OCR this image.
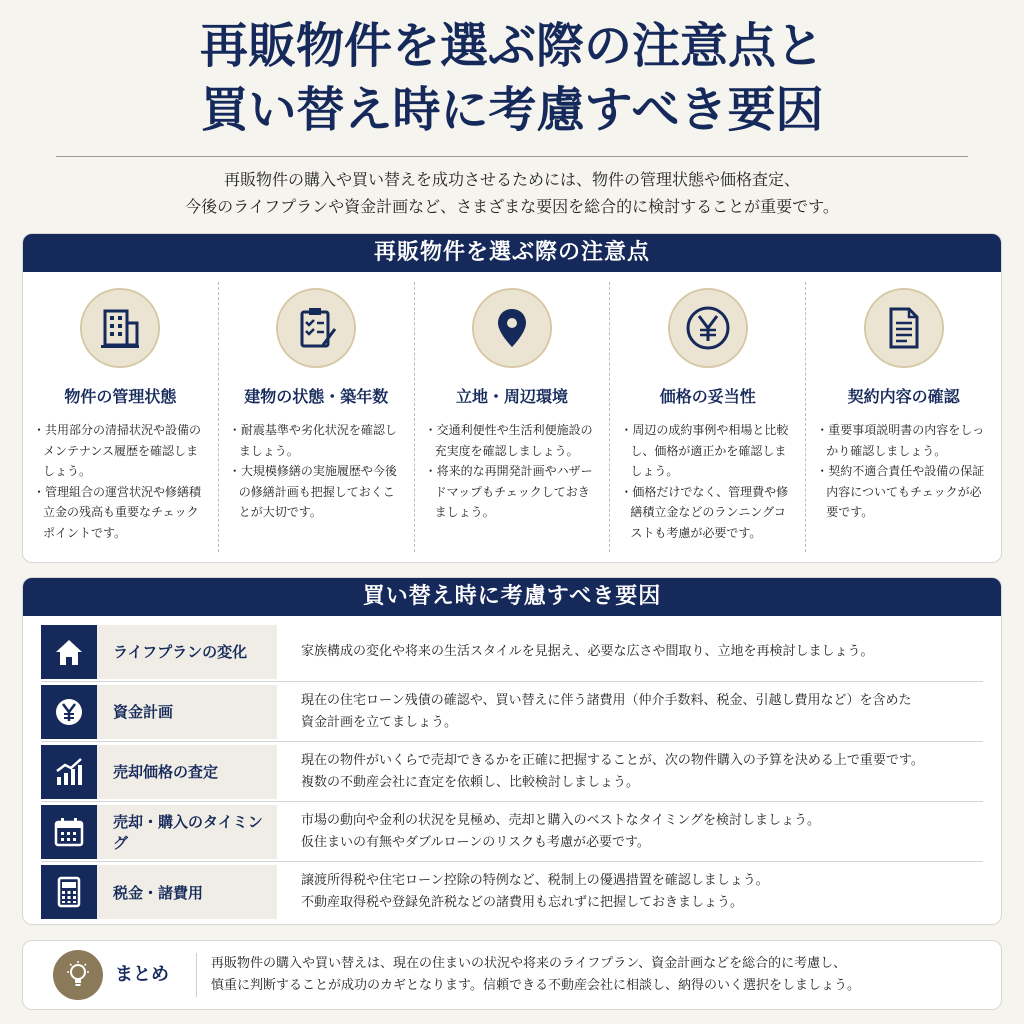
再販物件を選ぶ際の注意点と
買い替え時に考慮すべき要因
再販物件の購入や買い替えを成功させるためには、物件の管理状態や価格査定、
今後のライフプランや資金計画など、さまざまな要因を総合的に検討することが重要です。
再販物件を選ぶ際の注意点
物件の管理状態
・ 共用部分の清掃状況や設備のメンテナンス履歴を確認しましょう。
・ 管理組合の運営状況や修繕積立金の残高も重要なチェックポイントです。
建物の状態・築年数
・ 耐震基準や劣化状況を確認しましょう。
・ 大規模修繕の実施履歴や今後の修繕計画も把握しておくことが大切です。
立地・周辺環境
・ 交通利便性や生活利便施設の充実度を確認しましょう。
・ 将来的な再開発計画やハザードマップもチェックしておきましょう。
価格の妥当性
・ 周辺の成約事例や相場と比較し、価格が適正かを確認しましょう。
・ 価格だけでなく、管理費や修繕積立金などのランニングコストも考慮が必要です。
契約内容の確認
・ 重要事項説明書の内容をしっかり確認しましょう。
・ 契約不適合責任や設備の保証内容についてもチェックが必要です。
買い替え時に考慮すべき要因
ライフプランの変化	家族構成の変化や将来の生活スタイルを見据え、必要な広さや間取り、立地を再検討しましょう。
資金計画
現在の住宅ローン残債の確認や、買い替えに伴う諸費用（仲介手数料、税金、引越し費用など）を含めた
資金計画を立てましょう。
売却価格の査定
現在の物件がいくらで売却できるかを正確に把握することが、次の物件購入の予算を決める上で重要です。
複数の不動産会社に査定を依頼し、比較検討しましょう。
売却・購入のタイミング
市場の動向や金利の状況を見極め、売却と購入のベストなタイミングを検討しましょう。
仮住まいの有無やダブルローンのリスクも考慮が必要です。
税金・諸費用
譲渡所得税や住宅ローン控除の特例など、税制上の優遇措置を確認しましょう。
不動産取得税や登録免許税などの諸費用も忘れずに把握しておきましょう。
まとめ
再販物件の購入や買い替えは、現在の住まいの状況や将来のライフプラン、資金計画などを総合的に考慮し、
慎重に判断することが成功のカギとなります。信頼できる不動産会社に相談し、納得のいく選択をしましょう。
